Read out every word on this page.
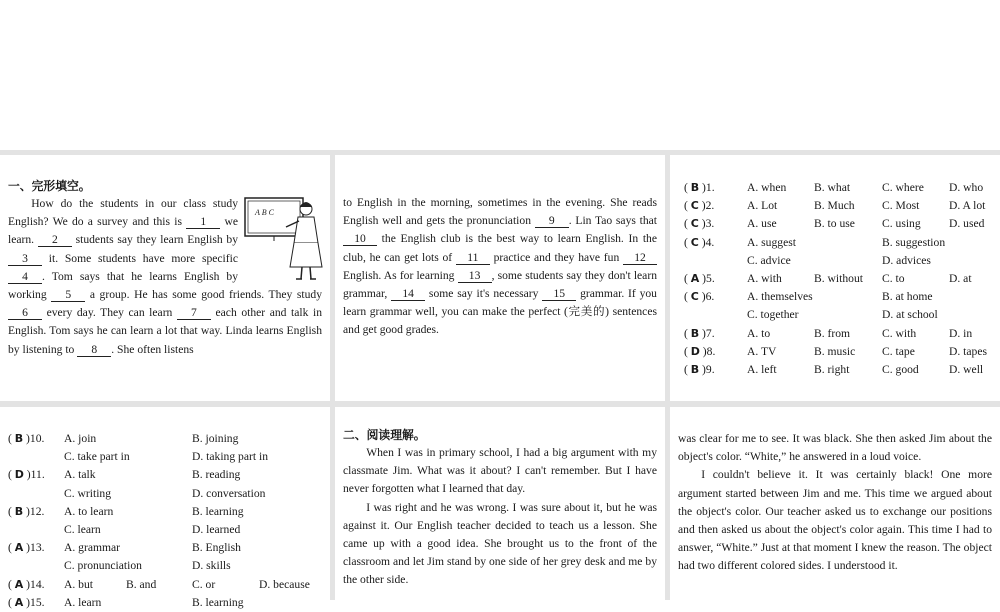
一、完形填空。
A B C

How do the students in our class study English? We do a survey and this is 1 we learn. 2 students say they learn English by 3 it. Some students have more specific 4 . Tom says that he learns English by working 5 a group. He has some good friends. They study 6 every day. They can learn 7 each other and talk in English. Tom says he can learn a lot that way. Linda learns English by listening to 8 . She often listens

to English in the morning, sometimes in the evening. She reads English well and gets the pronunciation 9 . Lin Tao says that 10 the English club is the best way to learn English. In the club, he can get lots of 11 practice and they have fun 12 English. As for learning 13 , some students say they don't learn grammar, 14 some say it's necessary 15 grammar. If you learn grammar well, you can make the perfect (完美的) sentences and get good grades.

( B )1.	A. when B. what	C. where D. who
( C )2.	A. Lot	B. Much C. Most	D. A lot
( C )3.	A. use	B. to use C. using D. used
( C )4.	A. suggest	B. suggestion
C. advice	D. advices
( A )5.	A. with	B. without C. to	D. at
( C )6.	A. themselves	B. at home
C. together	D. at school
( B )7.	A. to	B. from	C. with	D. in
( D )8.	A. TV	B. music C. tape	D. tapes
( B )9.	A. left	B. right	C. good	D. well
( B )10. A. join	B. joining
C. take part in	D. taking part in
( D )11. A. talk	B. reading
C. writing	D. conversation
( B )12. A. to learn	B. learning
C. learn	D. learned
( A )13. A. grammar	B. English
C. pronunciation	D. skills
( A )14. A. but	B. and	C. or	D. because
( A )15. A. learn	B. learning
二、阅读理解。

When I was in primary school, I had a big argument with my classmate Jim. What was it about? I can't remember. But I have never forgotten what I learned that day.

I was right and he was wrong. I was sure about it, but he was against it. Our English teacher decided to teach us a lesson. She came up with a good idea. She brought us to the front of the classroom and let Jim stand by one side of her grey desk and me by the other side.

was clear for me to see. It was black. She then asked Jim about the object's color. “White,” he answered in a loud voice.

I couldn't believe it. It was certainly black! One more argument started between Jim and me. This time we argued about the object's color. Our teacher asked us to exchange our positions and then asked us about the object's color again. This time I had to answer, “White.” Just at that moment I knew the reason. The object had two different colored sides. I understood it.
